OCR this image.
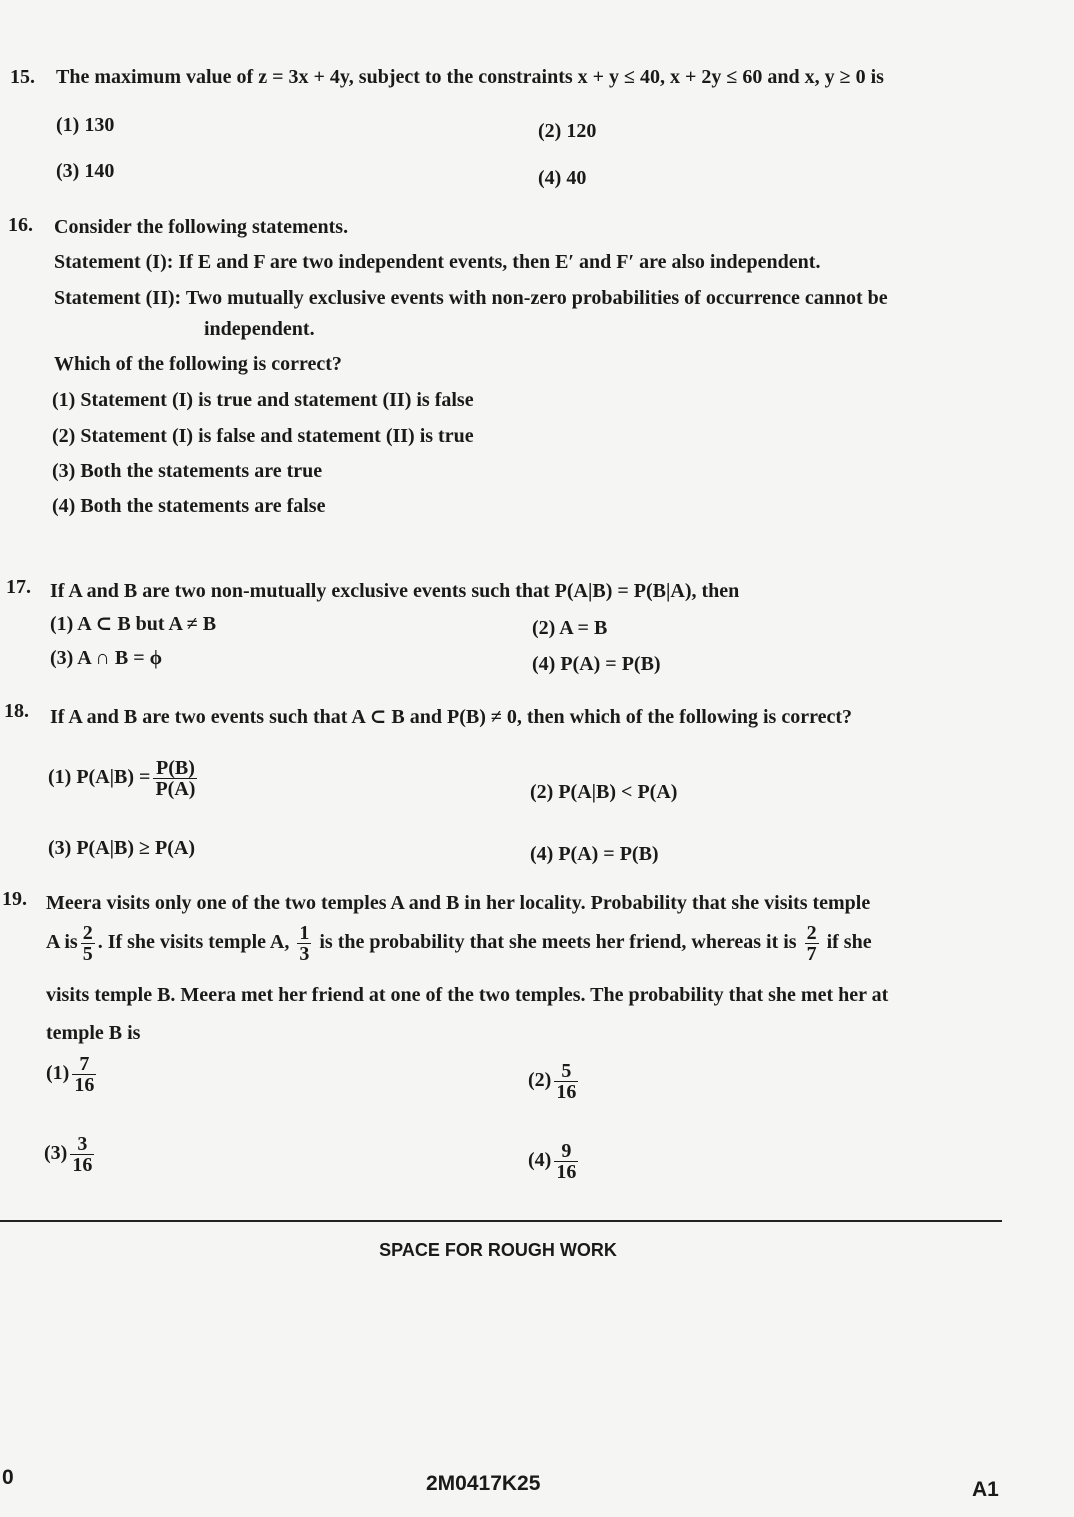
15. The maximum value of z = 3x + 4y, subject to the constraints x + y ≤ 40, x + 2y ≤ 60 and x, y ≥ 0 is
(1) 130	(2) 120
(3) 140	(4) 40
16. Consider the following statements.
Statement (I): If E and F are two independent events, then E′ and F′ are also independent.
Statement (II): Two mutually exclusive events with non-zero probabilities of occurrence cannot be
independent.
Which of the following is correct?
(1) Statement (I) is true and statement (II) is false
(2) Statement (I) is false and statement (II) is true
(3) Both the statements are true
(4) Both the statements are false
17. If A and B are two non-mutually exclusive events such that P(A|B) = P(B|A), then
(1) A ⊂ B but A ≠ B	(2) A = B
(3) A ∩ B = ϕ	(4) P(A) = P(B)
18. If A and B are two events such that A ⊂ B and P(B) ≠ 0, then which of the following is correct?
(1) $P(A|B) = \frac{P(B)}{P(A)}$	(2) P(A|B) < P(A)
(3) P(A|B) ≥ P(A)	(4) P(A) = P(B)
19. Meera visits only one of the two temples A and B in her locality. Probability that she visits temple
A is $\frac{2}{5}$ . If she visits temple A, $\frac{1}{3}$ is the probability that she meets her friend, whereas it is $\frac{2}{7}$ if she
visits temple B. Meera met her friend at one of the two temples. The probability that she met her at
temple B is
$(1) \frac{7}{16}$	$(2) \frac{5}{16}$
$(3) \frac{3}{16}$	$(4) \frac{9}{16}$
SPACE FOR ROUGH WORK
0	2M0417K25	A1
